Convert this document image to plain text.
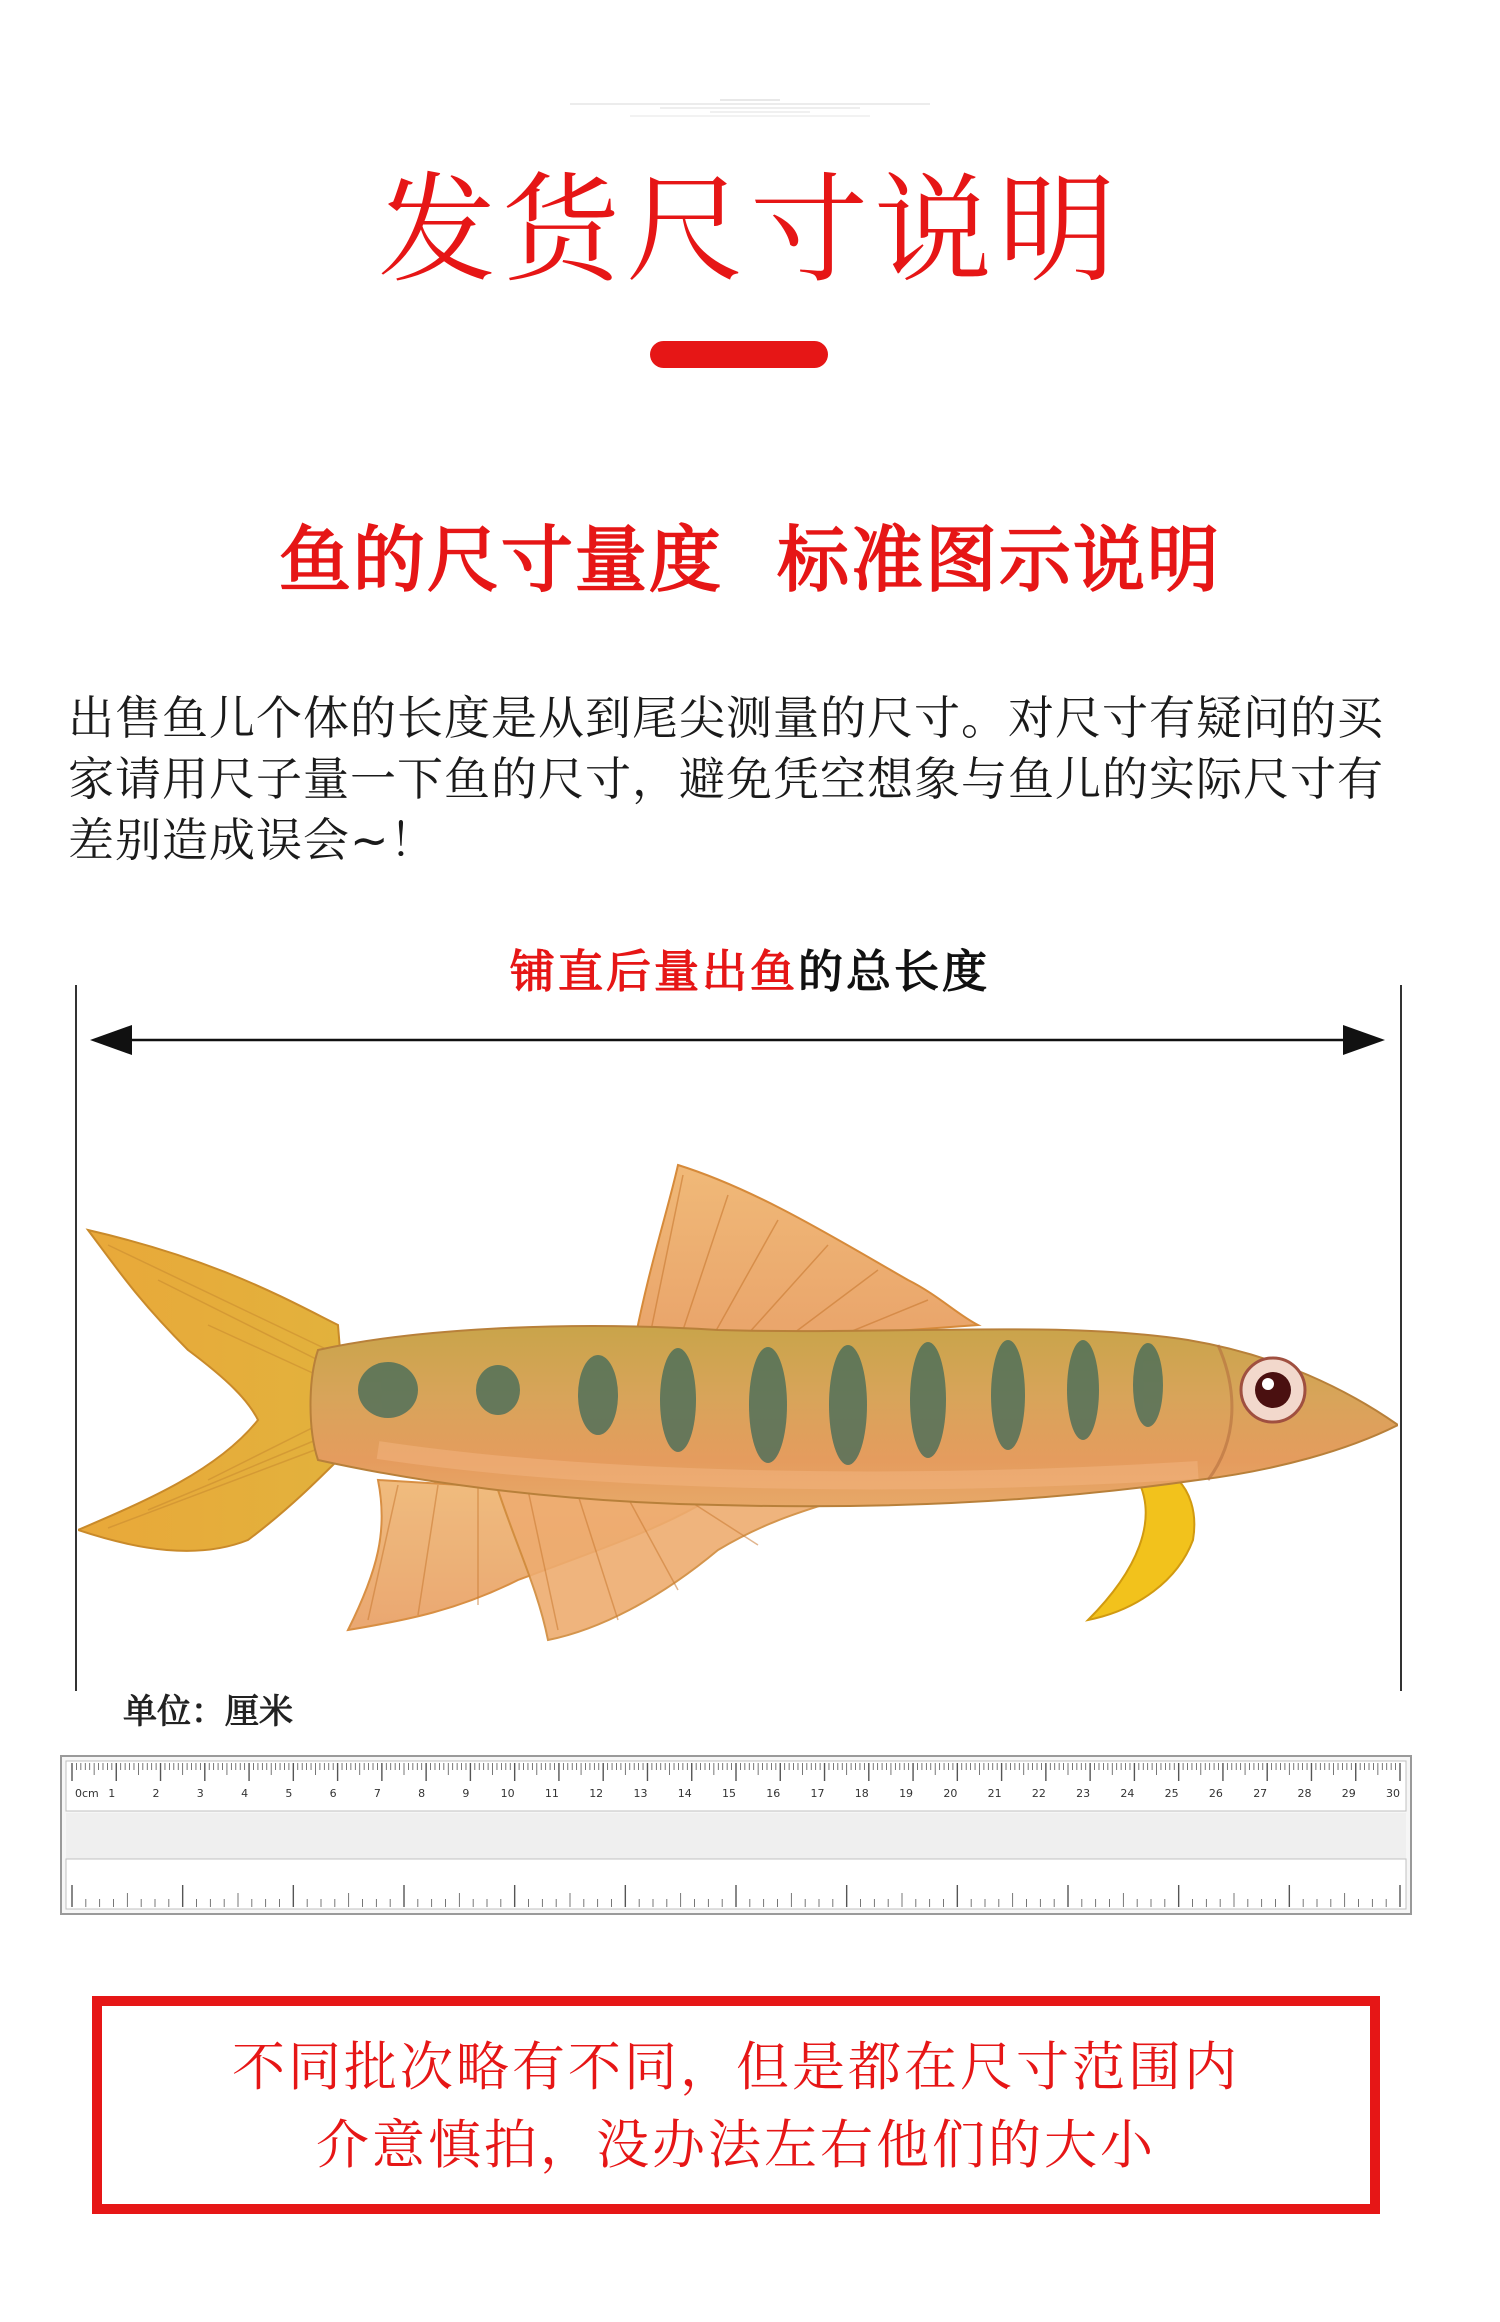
发货尺寸说明
鱼的尺寸量度  标准图示说明
出售鱼儿个体的长度是从到尾尖测量的尺寸。对尺寸有疑问的买家请用尺子量一下鱼的尺寸，避免凭空想象与鱼儿的实际尺寸有差别造成误会~！
铺直后量出鱼的总长度
单位：厘米
0cm 1	2	3	4	5	6	7	8	9	10	11	12	13	14	15	16	17	18	19	20	21	22	23	24	25	26	27	28	29	30
不同批次略有不同，但是都在尺寸范围内
介意慎拍，没办法左右他们的大小
